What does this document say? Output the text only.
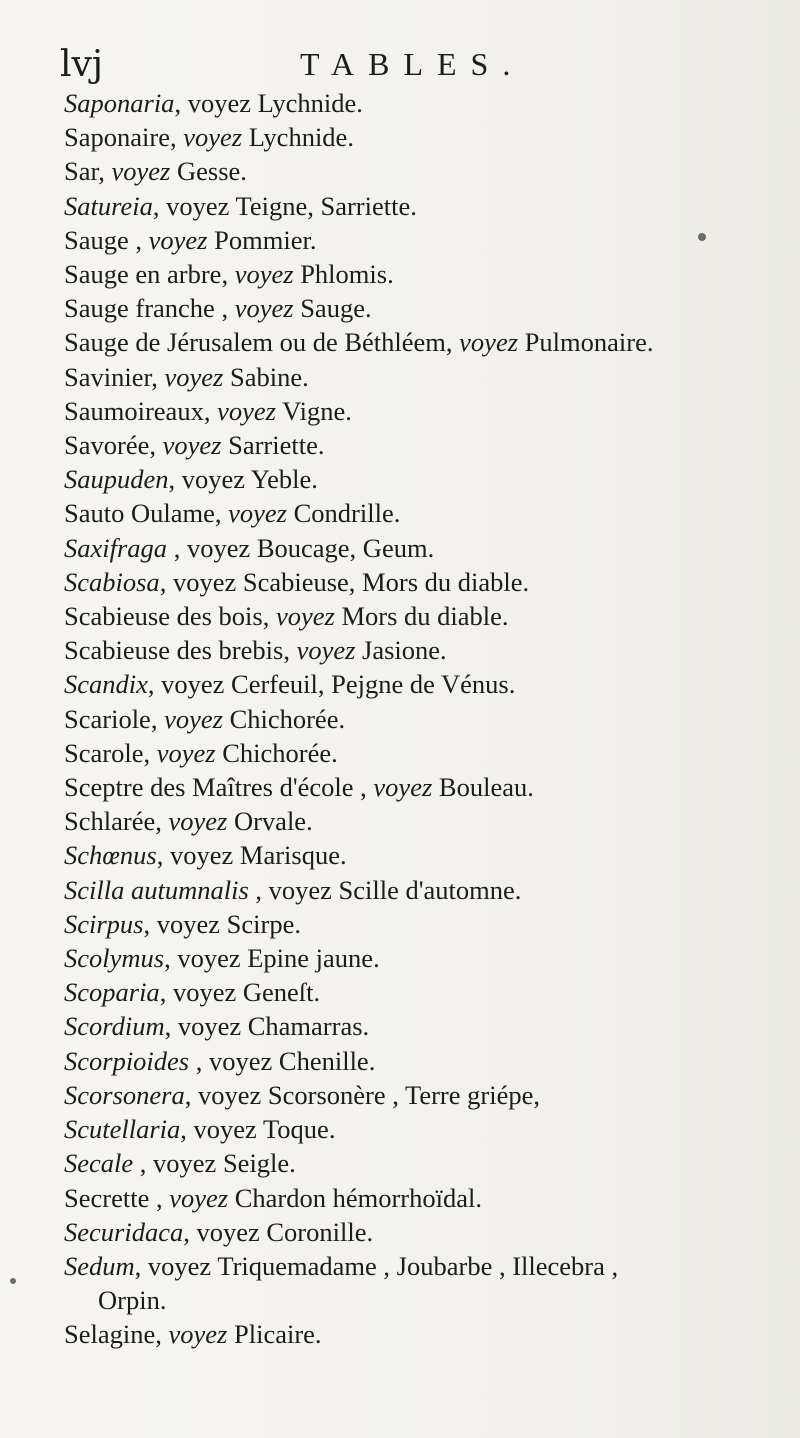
lvj	TABLES.
Saponaria, voyez Lychnide.
Saponaire, voyez Lychnide.
Sar, voyez Gesse.
Satureia, voyez Teigne, Sarriette.
Sauge , voyez Pommier.
Sauge en arbre, voyez Phlomis.
Sauge franche , voyez Sauge.
Sauge de Jérusalem ou de Béthléem, voyez Pulmonaire.
Savinier, voyez Sabine.
Saumoireaux, voyez Vigne.
Savorée, voyez Sarriette.
Saupuden, voyez Yeble.
Sauto Oulame, voyez Condrille.
Saxifraga , voyez Boucage, Geum.
Scabiosa, voyez Scabieuse, Mors du diable.
Scabieuse des bois, voyez Mors du diable.
Scabieuse des brebis, voyez Jasione.
Scandix, voyez Cerfeuil, Pejgne de Vénus.
Scariole, voyez Chichorée.
Scarole, voyez Chichorée.
Sceptre des Maîtres d'école , voyez Bouleau.
Schlarée, voyez Orvale.
Schœnus, voyez Marisque.
Scilla autumnalis , voyez Scille d'automne.
Scirpus, voyez Scirpe.
Scolymus, voyez Epine jaune.
Scoparia, voyez Geneſt.
Scordium, voyez Chamarras.
Scorpioides , voyez Chenille.
Scorsonera, voyez Scorsonère , Terre griépe,
Scutellaria, voyez Toque.
Secale , voyez Seigle.
Secrette , voyez Chardon hémorrhoïdal.
Securidaca, voyez Coronille.
Sedum, voyez Triquemadame , Joubarbe , Illecebra ,
Orpin.
Selagine, voyez Plicaire.
